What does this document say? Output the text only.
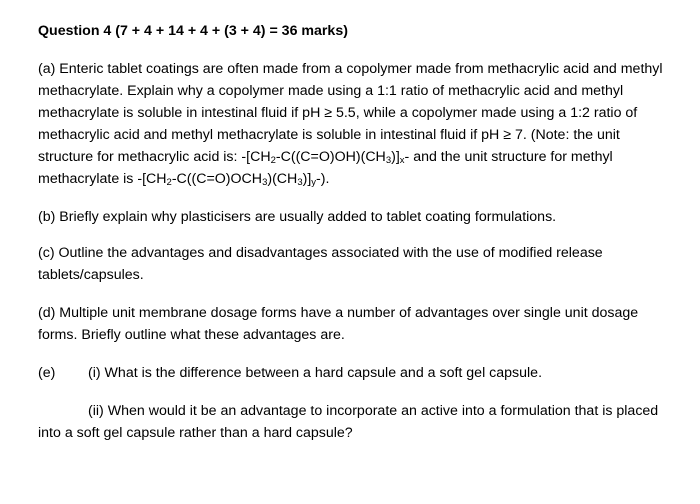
Question 4 (7 + 4 + 14 + 4 + (3 + 4) = 36 marks)
(a) Enteric tablet coatings are often made from a copolymer made from methacrylic acid and methyl methacrylate. Explain why a copolymer made using a 1:1 ratio of methacrylic acid and methyl methacrylate is soluble in intestinal fluid if pH ≥ 5.5, while a copolymer made using a 1:2 ratio of methacrylic acid and methyl methacrylate is soluble in intestinal fluid if pH ≥ 7. (Note: the unit structure for methacrylic acid is: $-[CH_2-C((C=O)OH)(CH_3)]_x-$ and the unit structure for methyl methacrylate is $-[CH_2-C((C=O)OCH_3)(CH_3)]_y-$).
(b) Briefly explain why plasticisers are usually added to tablet coating formulations.
(c) Outline the advantages and disadvantages associated with the use of modified release tablets/capsules.
(d) Multiple unit membrane dosage forms have a number of advantages over single unit dosage forms. Briefly outline what these advantages are.
(e)	(i) What is the difference between a hard capsule and a soft gel capsule.
(ii) When would it be an advantage to incorporate an active into a formulation that is placed into a soft gel capsule rather than a hard capsule?
